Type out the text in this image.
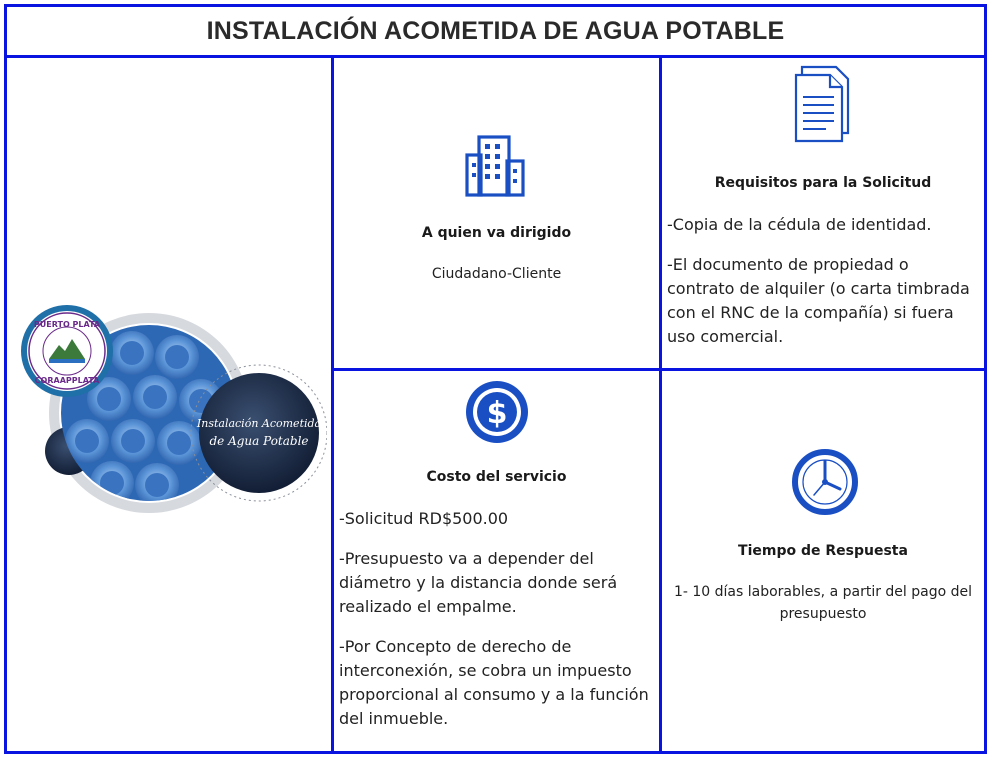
INSTALACIÓN ACOMETIDA DE AGUA POTABLE
Instalación Acometida
de Agua Potable
PUERTO PLATA
CORAAPPLATA
A quien va dirigido
Ciudadano-Cliente
Requisitos para la Solicitud

-Copia de la cédula de identidad.

-El documento de propiedad o contrato de alquiler (o carta timbrada con el RNC de la compañía) si fuera uso comercial.

$
Costo del servicio

-Solicitud RD$500.00

-Presupuesto va a depender del diámetro y la distancia donde será realizado el empalme.

-Por Concepto de derecho de interconexión, se cobra un impuesto proporcional al consumo y a la función del inmueble.

Tiempo de Respuesta
1- 10 días laborables, a partir del pago del presupuesto
